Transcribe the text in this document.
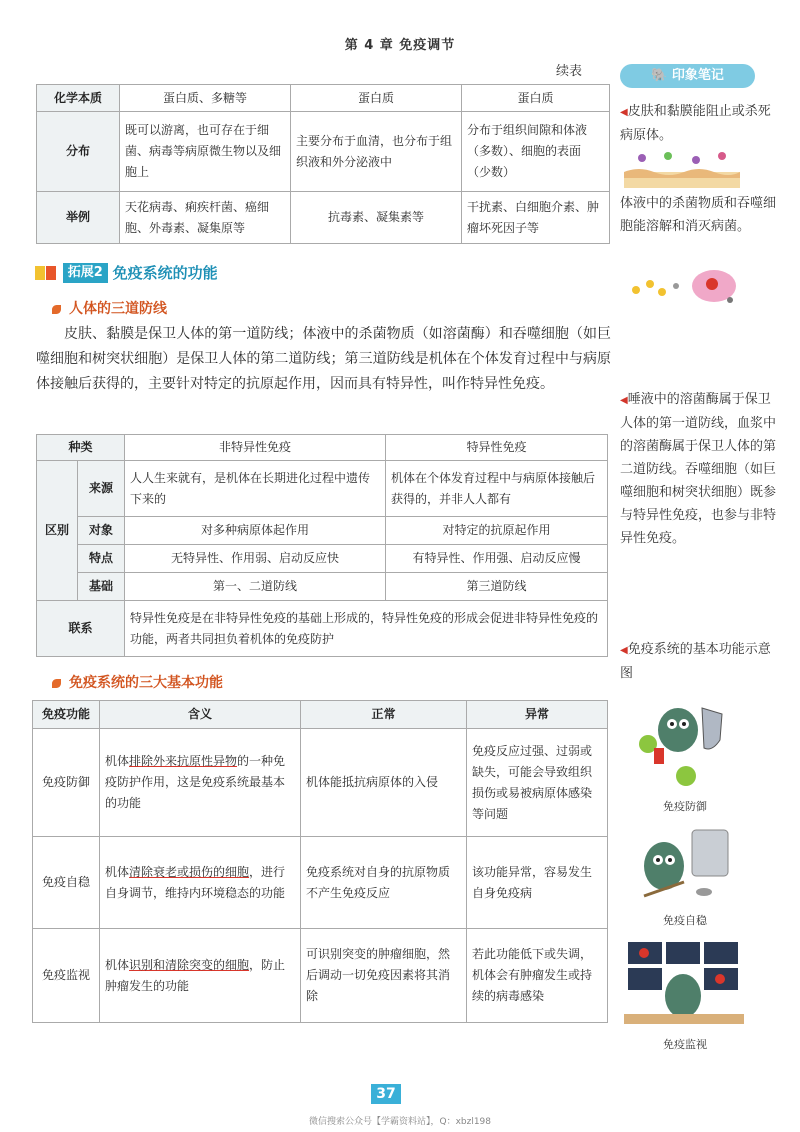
第 4 章 免疫调节
续表
化学本质	蛋白质、多糖等	蛋白质	蛋白质
分布	既可以游离，也可存在于细菌、病毒等病原微生物以及细胞上	主要分布于血清，也分布于组织液和外分泌液中	分布于组织间隙和体液（多数）、细胞的表面（少数）
举例	天花病毒、痢疾杆菌、癌细胞、外毒素、凝集原等	抗毒素、凝集素等	干扰素、白细胞介素、肿瘤坏死因子等
拓展2 免疫系统的功能
人体的三道防线
皮肤、黏膜是保卫人体的第一道防线；体液中的杀菌物质（如溶菌酶）和吞噬细胞（如巨噬细胞和树突状细胞）是保卫人体的第二道防线；第三道防线是机体在个体发育过程中与病原体接触后获得的，主要针对特定的抗原起作用，因而具有特异性，叫作特异性免疫。
种类		非特异性免疫	特异性免疫
区别	来源	人人生来就有，是机体在长期进化过程中遗传下来的	机体在个体发育过程中与病原体接触后获得的，并非人人都有
	对象	对多种病原体起作用	对特定的抗原起作用
	特点	无特异性、作用弱、启动反应快	有特异性、作用强、启动反应慢
	基础	第一、二道防线	第三道防线
联系		特异性免疫是在非特异性免疫的基础上形成的，特异性免疫的形成会促进非特异性免疫的功能，两者共同担负着机体的免疫防护	
免疫系统的三大基本功能
免疫功能	含义	正常	异常
免疫防御	机体排除外来抗原性异物的一种免疫防护作用，这是免疫系统最基本的功能	机体能抵抗病原体的入侵	免疫反应过强、过弱或缺失，可能会导致组织损伤或易被病原体感染等问题
免疫自稳	机体清除衰老或损伤的细胞，进行自身调节，维持内环境稳态的功能	免疫系统对自身的抗原物质不产生免疫反应	该功能异常，容易发生自身免疫病
免疫监视	机体识别和清除突变的细胞，防止肿瘤发生的功能	可识别突变的肿瘤细胞，然后调动一切免疫因素将其消除	若此功能低下或失调，机体会有肿瘤发生或持续的病毒感染
🐘 印象笔记
◀皮肤和黏膜能阻止或杀死病原体。
体液中的杀菌物质和吞噬细胞能溶解和消灭病菌。
◀唾液中的溶菌酶属于保卫人体的第一道防线，血浆中的溶菌酶属于保卫人体的第二道防线。吞噬细胞（如巨噬细胞和树突状细胞）既参与特异性免疫，也参与非特异性免疫。
◀免疫系统的基本功能示意图
免疫防御
免疫自稳
免疫监视
37
微信搜索公众号【学霸资料站】，Q：xbzl198
